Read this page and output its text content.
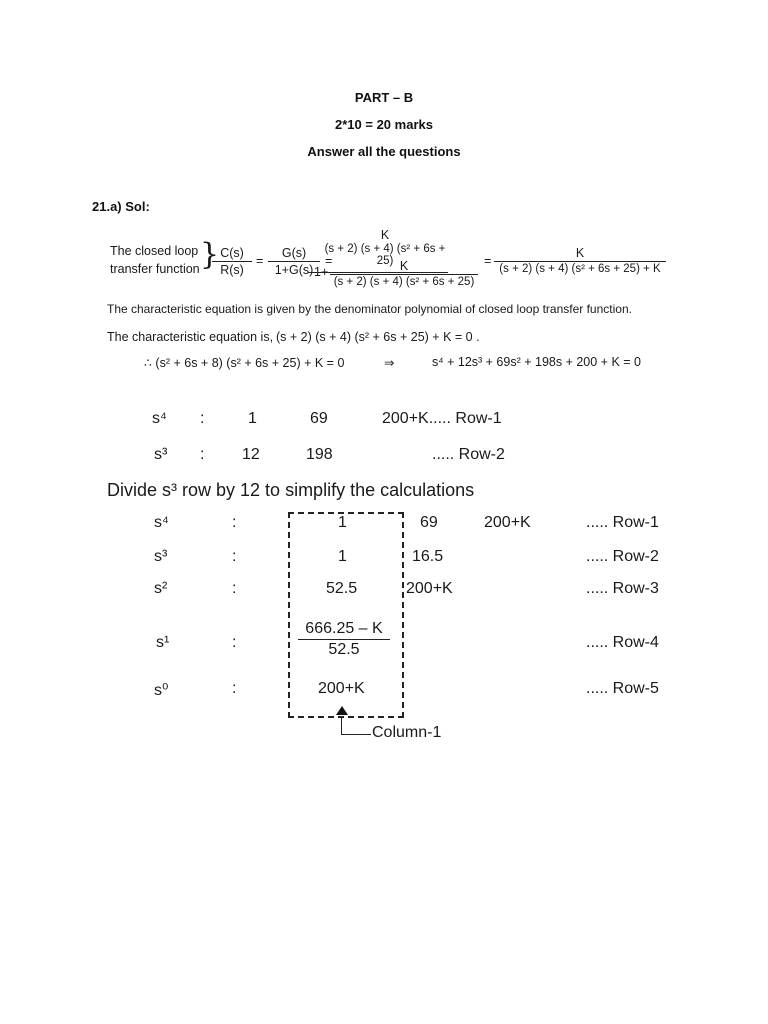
PART – B
2*10 = 20 marks
Answer all the questions
21.a) Sol:
The closed loop
transfer function } C(s)
R(s)
=
G(s)
1+G(s)
=
K
(s + 2) (s + 4) (s² + 6s + 25)
1+	K
(s + 2) (s + 4) (s² + 6s + 25)
=
K
(s + 2) (s + 4) (s² + 6s + 25) + K
The characteristic equation is given by the denominator polynomial of closed loop transfer function.
The characteristic equation is, (s + 2) (s + 4) (s² + 6s + 25) + K = 0 .
∴ (s² + 6s + 8) (s² + 6s + 25) + K = 0	⇒	s⁴ + 12s³ + 69s² + 198s + 200 + K = 0
s⁴ :	1	69	200+K..... Row-1
s³ : 12	198	..... Row-2
Divide s³ row by 12 to simplify the calculations
s⁴	:	1	69	200+K	..... Row-1
s³	:	1	16.5	..... Row-2
s²	:	52.5	200+K	..... Row-3
s¹	:
666.25 – K
52.5	..... Row-4
s⁰	:	200+K	..... Row-5
Column-1
